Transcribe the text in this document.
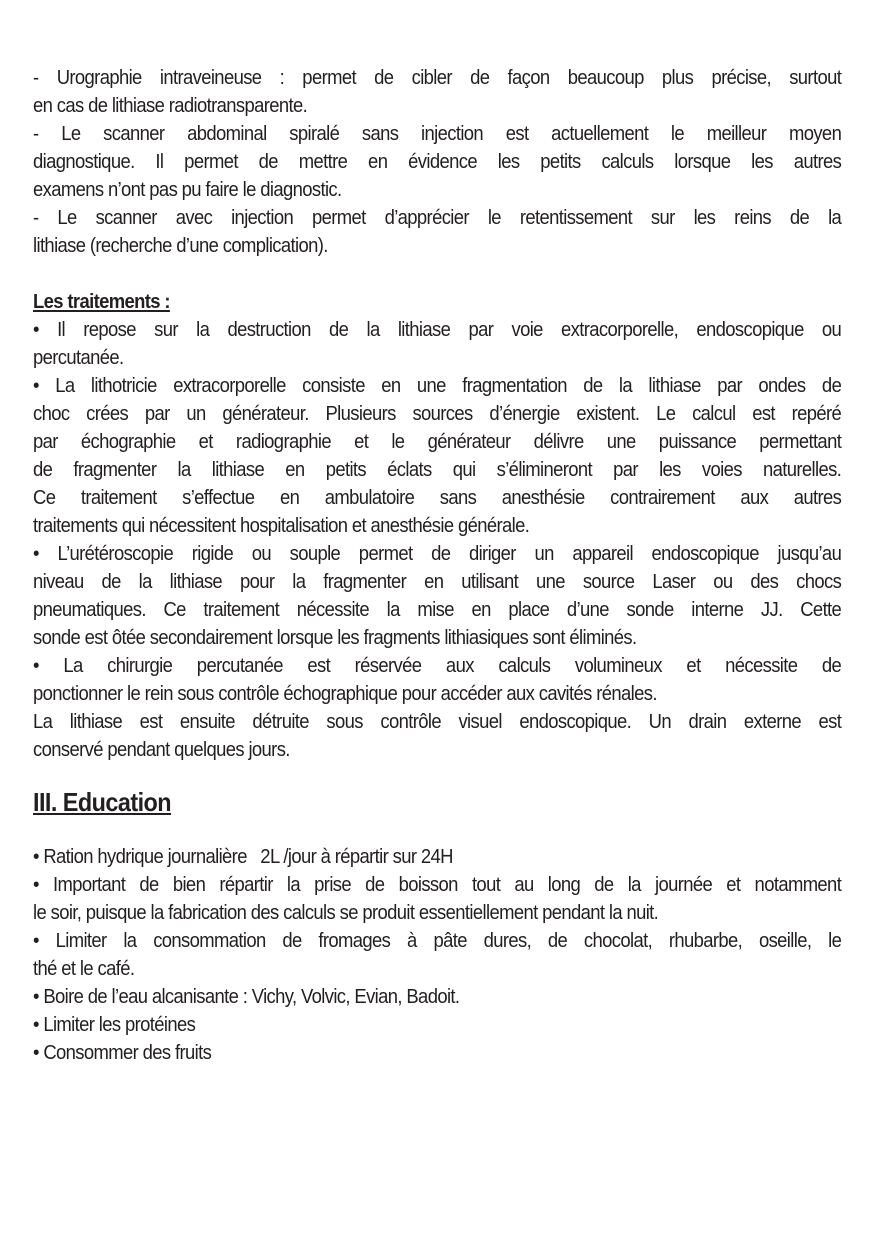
- Urographie intraveineuse : permet de cibler de façon beaucoup plus précise, surtout
en cas de lithiase radiotransparente.
- Le scanner abdominal spiralé sans injection est actuellement le meilleur moyen
diagnostique. Il permet de mettre en évidence les petits calculs lorsque les autres
examens n’ont pas pu faire le diagnostic.
- Le scanner avec injection permet d’apprécier le retentissement sur les reins de la
lithiase (recherche d’une complication).
Les traitements :
• Il repose sur la destruction de la lithiase par voie extracorporelle, endoscopique ou
percutanée.
• La lithotricie extracorporelle consiste en une fragmentation de la lithiase par ondes de
choc crées par un générateur. Plusieurs sources d’énergie existent. Le calcul est repéré
par échographie et radiographie et le générateur délivre une puissance permettant
de fragmenter la lithiase en petits éclats qui s’élimineront par les voies naturelles.
Ce traitement s’effectue en ambulatoire sans anesthésie contrairement aux autres
traitements qui nécessitent hospitalisation et anesthésie générale.
• L’urétéroscopie rigide ou souple permet de diriger un appareil endoscopique jusqu’au
niveau de la lithiase pour la fragmenter en utilisant une source Laser ou des chocs
pneumatiques. Ce traitement nécessite la mise en place d’une sonde interne JJ. Cette
sonde est ôtée secondairement lorsque les fragments lithiasiques sont éliminés.
• La chirurgie percutanée est réservée aux calculs volumineux et nécessite de
ponctionner le rein sous contrôle échographique pour accéder aux cavités rénales.
La lithiase est ensuite détruite sous contrôle visuel endoscopique. Un drain externe est
conservé pendant quelques jours.
III. Education
• Ration hydrique journalière   2L /jour à répartir sur 24H
• Important de bien répartir la prise de boisson tout au long de la journée et notamment
le soir, puisque la fabrication des calculs se produit essentiellement pendant la nuit.
• Limiter la consommation de fromages à pâte dures, de chocolat, rhubarbe, oseille, le
thé et le café.
• Boire de l’eau alcanisante : Vichy, Volvic, Evian, Badoit.
• Limiter les protéines
• Consommer des fruits
